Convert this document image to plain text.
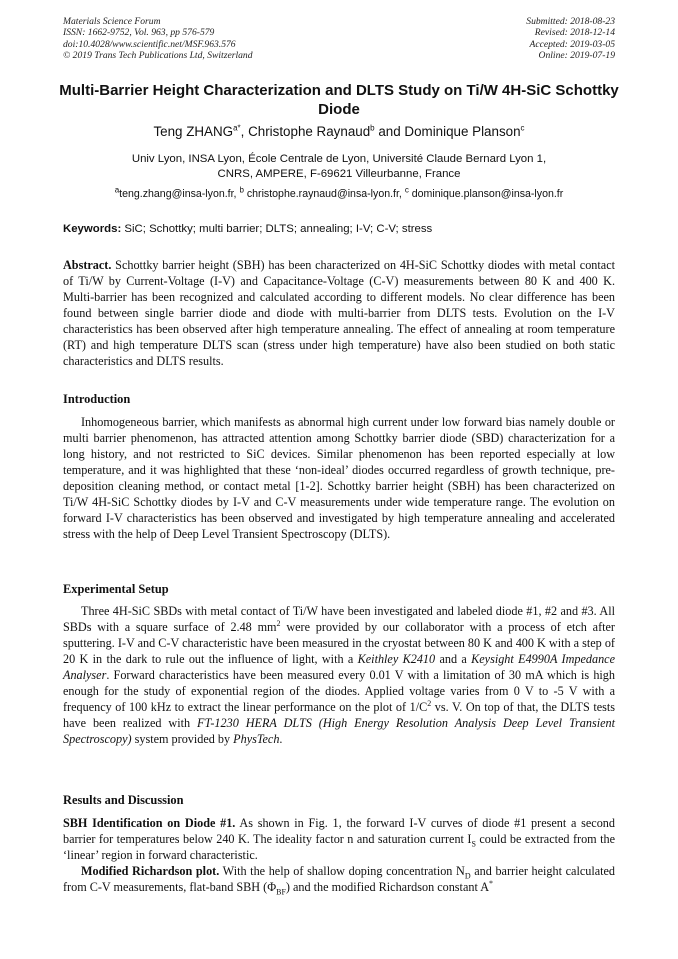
Materials Science Forum
ISSN: 1662-9752, Vol. 963, pp 576-579
doi:10.4028/www.scientific.net/MSF.963.576
© 2019 Trans Tech Publications Ltd, Switzerland
Submitted: 2018-08-23
Revised: 2018-12-14
Accepted: 2019-03-05
Online: 2019-07-19
Multi-Barrier Height Characterization and DLTS Study on Ti/W 4H-SiC Schottky Diode
Teng $ZHANG^{a*}$, Christophe Raynaud$^b$ and Dominique Planson$^c$
Univ Lyon, INSA Lyon, École Centrale de Lyon, Université Claude Bernard Lyon 1,
CNRS, AMPERE, F-69621 Villeurbanne, France
$^a$teng.zhang@insa-lyon.fr, $^b$ christophe.raynaud@insa-lyon.fr, $^c$ dominique.planson@insa-lyon.fr
Keywords: SiC; Schottky; multi barrier; DLTS; annealing; I-V; C-V; stress

Abstract. Schottky barrier height (SBH) has been characterized on 4H-SiC Schottky diodes with metal contact of Ti/W by Current-Voltage (I-V) and Capacitance-Voltage (C-V) measurements between 80 K and 400 K. Multi-barrier has been recognized and calculated according to different models. No clear difference has been found between single barrier diode and diode with multi-barrier from DLTS tests. Evolution on the I-V characteristics has been observed after high temperature annealing. The effect of annealing at room temperature (RT) and high temperature DLTS scan (stress under high temperature) have also been studied on both static characteristics and DLTS results.

Introduction

Inhomogeneous barrier, which manifests as abnormal high current under low forward bias namely double or multi barrier phenomenon, has attracted attention among Schottky barrier diode (SBD) characterization for a long history, and not restricted to SiC devices. Similar phenomenon has been reported especially at low temperature, and it was highlighted that these ‘non-ideal’ diodes occurred regardless of growth technique, pre-deposition cleaning method, or contact metal [1-2]. Schottky barrier height (SBH) has been characterized on Ti/W 4H-SiC Schottky diodes by I-V and C-V measurements under wide temperature range. The evolution on forward I-V characteristics has been observed and investigated by high temperature annealing and accelerated stress with the help of Deep Level Transient Spectroscopy (DLTS).

Experimental Setup

Three 4H-SiC SBDs with metal contact of Ti/W have been investigated and labeled diode #1, #2 and #3. All SBDs with a square surface of 2.48 $mm^2$ were provided by our collaborator with a process of etch after sputtering. I-V and C-V characteristic have been measured in the cryostat between 80 K and 400 K with a step of 20 K in the dark to rule out the influence of light, with a Keithley K2410 and a Keysight E4990A Impedance Analyser. Forward characteristics have been measured every 0.01 V with a limitation of 30 mA which is high enough for the study of exponential region of the diodes. Applied voltage varies from 0 V to -5 V with a frequency of 100 kHz to extract the linear performance on the plot of $1/C^2$ vs. V. On top of that, the DLTS tests have been realized with FT-1230 HERA DLTS (High Energy Resolution Analysis Deep Level Transient Spectroscopy) system provided by PhysTech.

Results and Discussion

SBH Identification on Diode #1. As shown in Fig. 1, the forward I-V curves of diode #1 present a second barrier for temperatures below 240 K. The ideality factor n and saturation current $I_S$ could be extracted from the ‘linear’ region in forward characteristic.

Modified Richardson plot. With the help of shallow doping concentration $N_D$ and barrier height calculated from C-V measurements, flat-band SBH $(\Phi_{BF})$ and the modified Richardson constant A*
